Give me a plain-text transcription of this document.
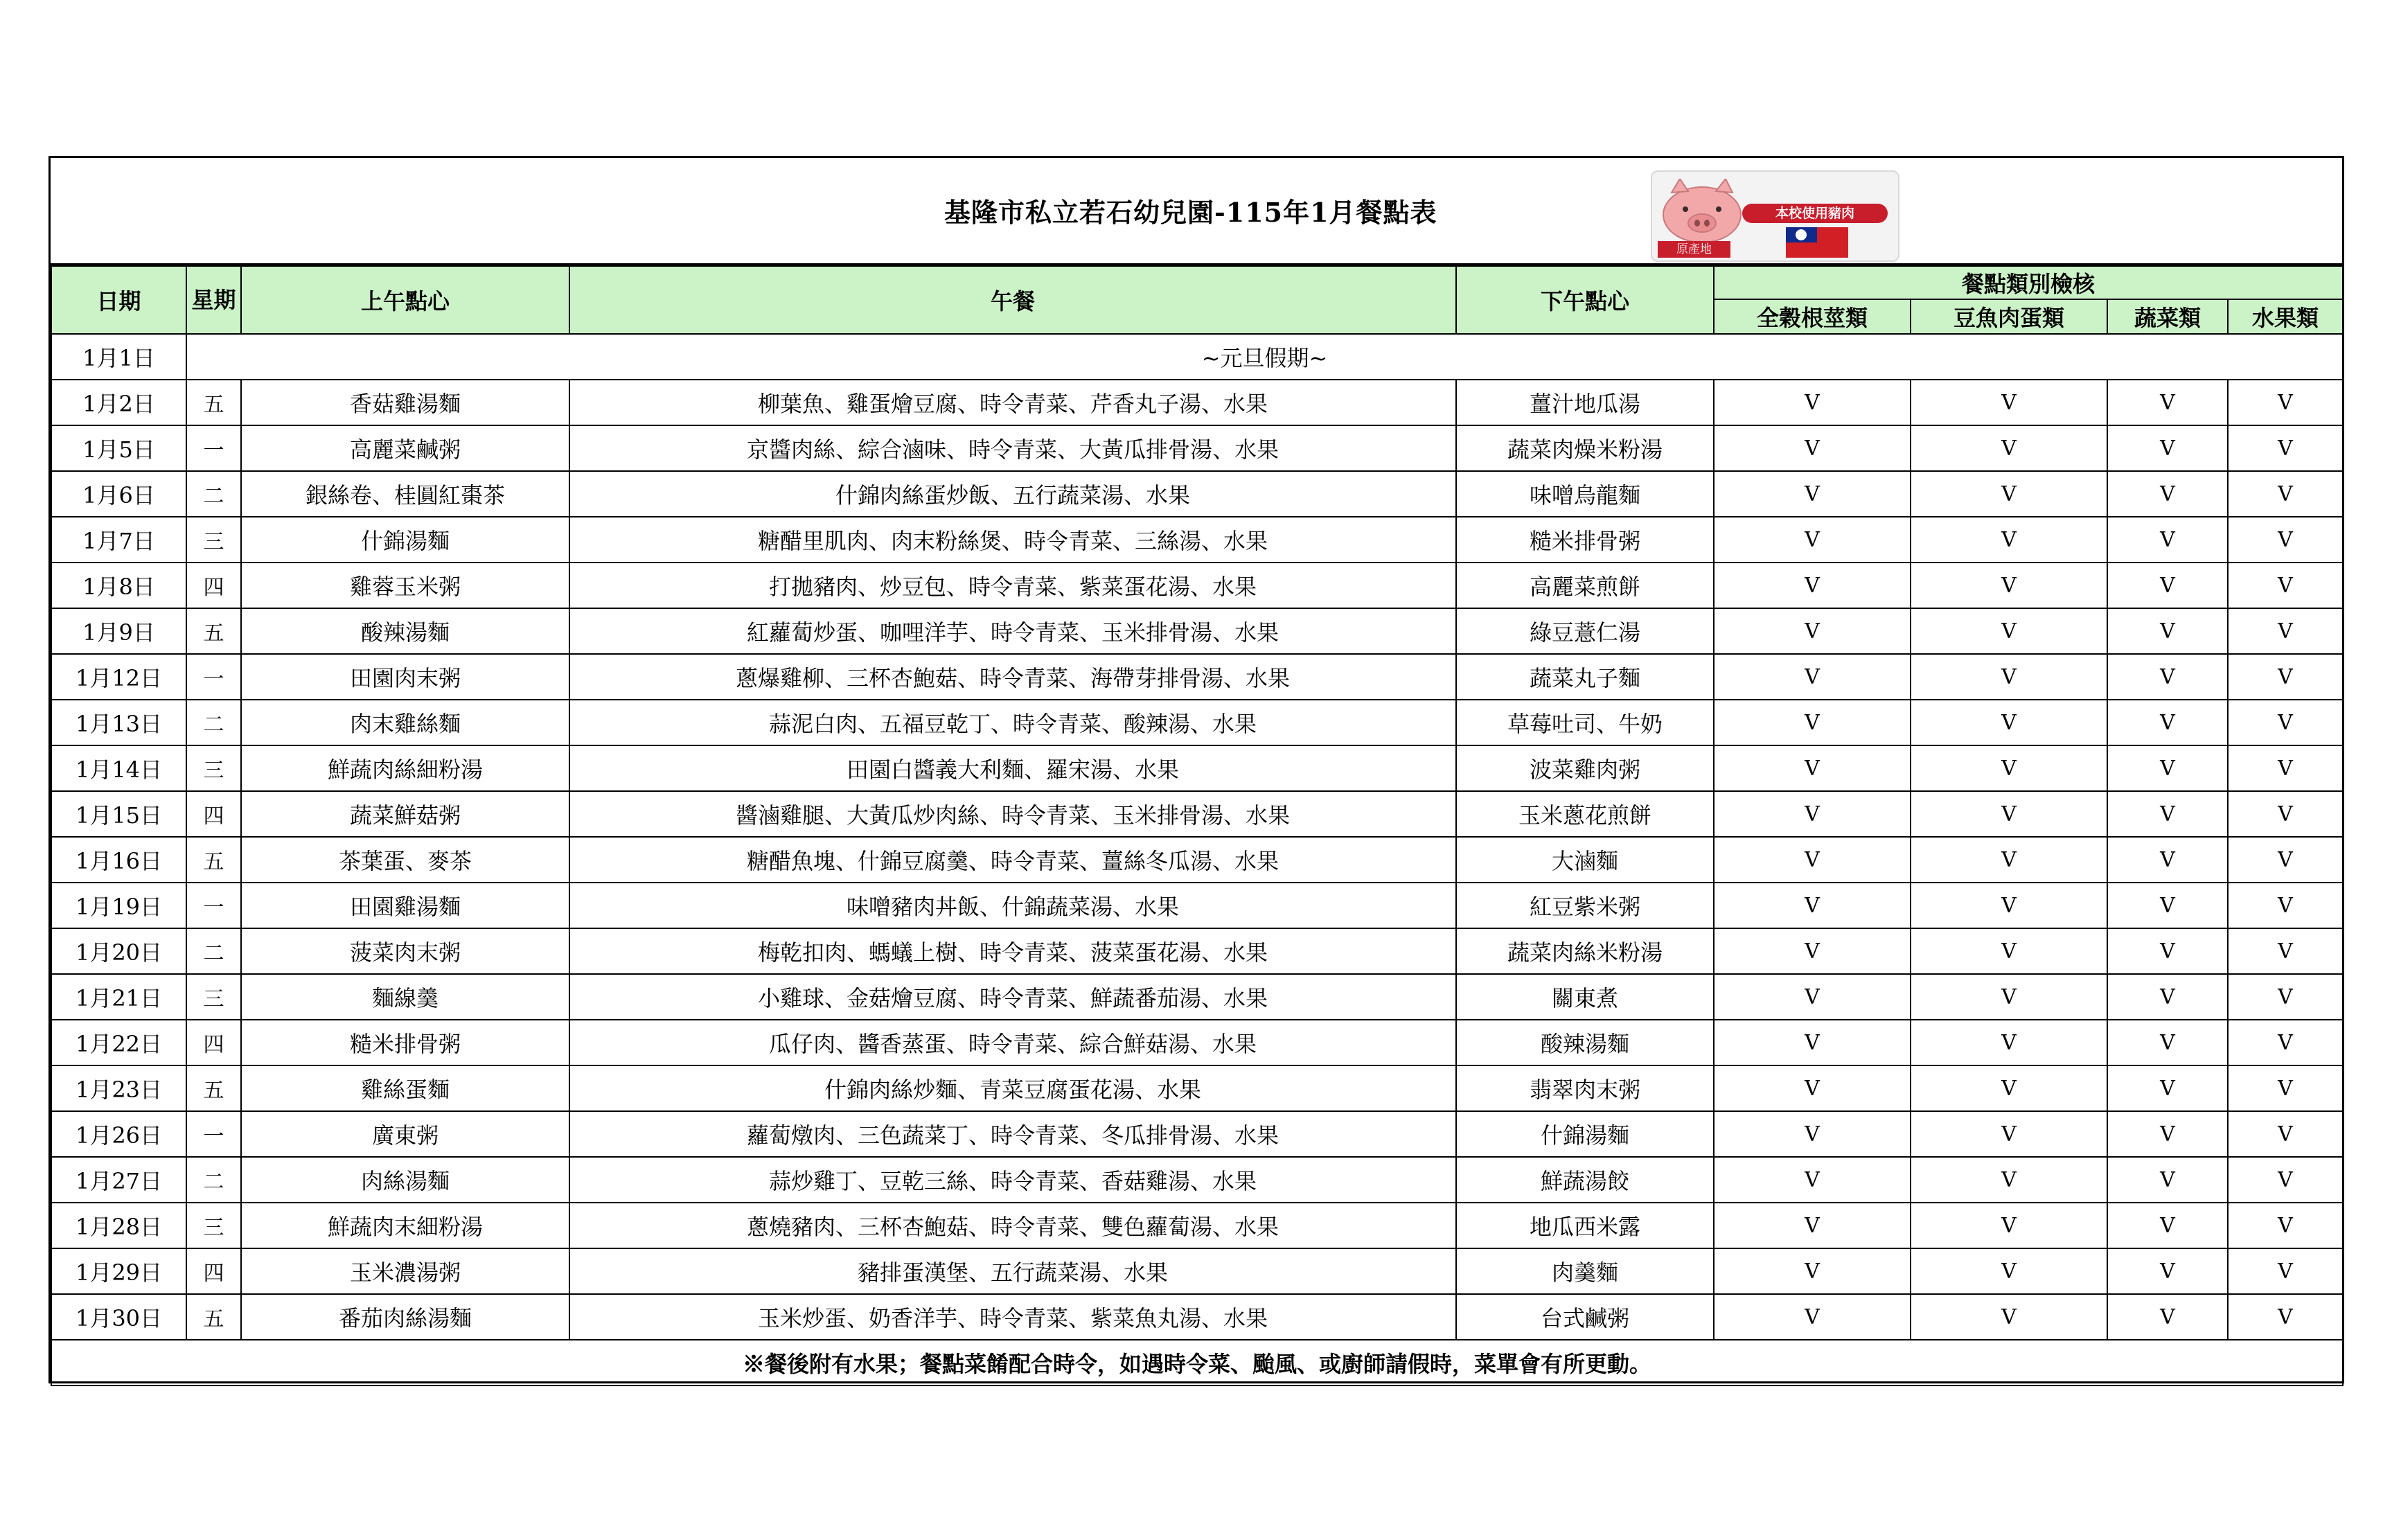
基隆市私立若石幼兒園-115年1月餐點表	本校使用豬肉
原產地
日期	星期	上午點心	午餐	下午點心	餐點類別檢核			
					全穀根莖類	豆魚肉蛋類	蔬菜類	水果類
1月1日	~元旦假期~							
1月2日	五	香菇雞湯麵	柳葉魚、雞蛋燴豆腐、時令青菜、芹香丸子湯、水果	薑汁地瓜湯	V	V	V	V
1月5日	一	高麗菜鹹粥	京醬肉絲、綜合滷味、時令青菜、大黃瓜排骨湯、水果	蔬菜肉燥米粉湯	V	V	V	V
1月6日	二	銀絲卷、桂圓紅棗茶	什錦肉絲蛋炒飯、五行蔬菜湯、水果	味噌烏龍麵	V	V	V	V
1月7日	三	什錦湯麵	糖醋里肌肉、肉末粉絲煲、時令青菜、三絲湯、水果	糙米排骨粥	V	V	V	V
1月8日	四	雞蓉玉米粥	打拋豬肉、炒豆包、時令青菜、紫菜蛋花湯、水果	高麗菜煎餅	V	V	V	V
1月9日	五	酸辣湯麵	紅蘿蔔炒蛋、咖哩洋芋、時令青菜、玉米排骨湯、水果	綠豆薏仁湯	V	V	V	V
1月12日	一	田園肉末粥	蔥爆雞柳、三杯杏鮑菇、時令青菜、海帶芽排骨湯、水果	蔬菜丸子麵	V	V	V	V
1月13日	二	肉末雞絲麵	蒜泥白肉、五福豆乾丁、時令青菜、酸辣湯、水果	草莓吐司、牛奶	V	V	V	V
1月14日	三	鮮蔬肉絲細粉湯	田園白醬義大利麵、羅宋湯、水果	波菜雞肉粥	V	V	V	V
1月15日	四	蔬菜鮮菇粥	醬滷雞腿、大黃瓜炒肉絲、時令青菜、玉米排骨湯、水果	玉米蔥花煎餅	V	V	V	V
1月16日	五	茶葉蛋、麥茶	糖醋魚塊、什錦豆腐羹、時令青菜、薑絲冬瓜湯、水果	大滷麵	V	V	V	V
1月19日	一	田園雞湯麵	味噌豬肉丼飯、什錦蔬菜湯、水果	紅豆紫米粥	V	V	V	V
1月20日	二	菠菜肉末粥	梅乾扣肉、螞蟻上樹、時令青菜、菠菜蛋花湯、水果	蔬菜肉絲米粉湯	V	V	V	V
1月21日	三	麵線羹	小雞球、金菇燴豆腐、時令青菜、鮮蔬番茄湯、水果	關東煮	V	V	V	V
1月22日	四	糙米排骨粥	瓜仔肉、醬香蒸蛋、時令青菜、綜合鮮菇湯、水果	酸辣湯麵	V	V	V	V
1月23日	五	雞絲蛋麵	什錦肉絲炒麵、青菜豆腐蛋花湯、水果	翡翠肉末粥	V	V	V	V
1月26日	一	廣東粥	蘿蔔燉肉、三色蔬菜丁、時令青菜、冬瓜排骨湯、水果	什錦湯麵	V	V	V	V
1月27日	二	肉絲湯麵	蒜炒雞丁、豆乾三絲、時令青菜、香菇雞湯、水果	鮮蔬湯餃	V	V	V	V
1月28日	三	鮮蔬肉末細粉湯	蔥燒豬肉、三杯杏鮑菇、時令青菜、雙色蘿蔔湯、水果	地瓜西米露	V	V	V	V
1月29日	四	玉米濃湯粥	豬排蛋漢堡、五行蔬菜湯、水果	肉羹麵	V	V	V	V
1月30日	五	番茄肉絲湯麵	玉米炒蛋、奶香洋芋、時令青菜、紫菜魚丸湯、水果	台式鹹粥	V	V	V	V
※餐後附有水果；餐點菜餚配合時令，如遇時令菜、颱風、或廚師請假時，菜單會有所更動。								
